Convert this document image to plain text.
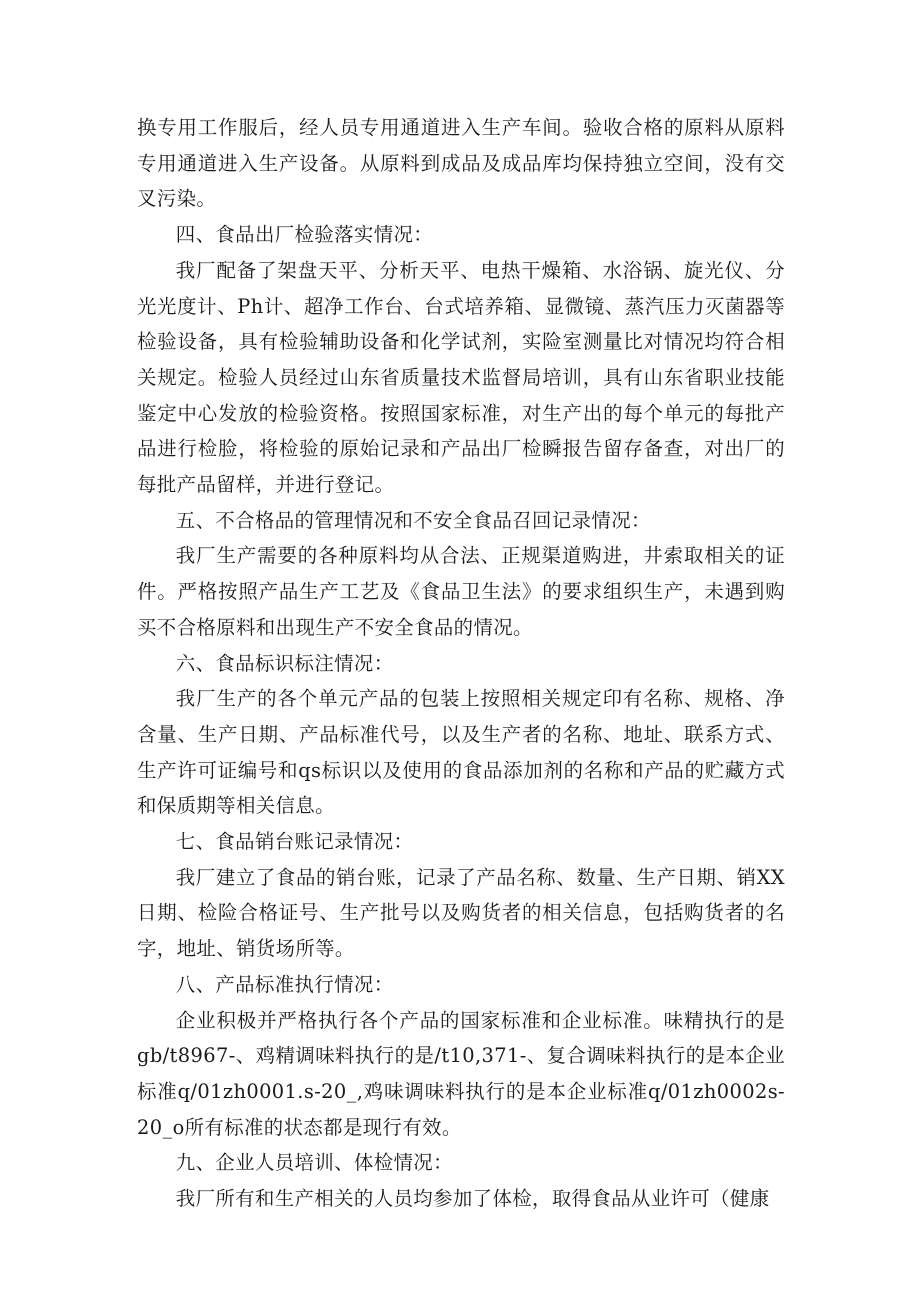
换专用工作服后，经人员专用通道进入生产车间。验收合格的原料从原料专用通道进入生产设备。从原料到成品及成品库均保持独立空间，没有交叉污染。

四、食品出厂检验落实情况：

我厂配备了架盘天平、分析天平、电热干燥箱、水浴锅、旋光仪、分光光度计、Ph计、超净工作台、台式培养箱、显微镜、蒸汽压力灭菌器等检验设备，具有检验辅助设备和化学试剂，实险室测量比对情况均符合相关规定。检验人员经过山东省质量技术监督局培训，具有山东省职业技能鉴定中心发放的检验资格。按照国家标准，对生产出的每个单元的每批产品进行检脸，将检验的原始记录和产品出厂检瞬报告留存备查，对出厂的每批产品留样，并进行登记。

五、不合格品的管理情况和不安全食品召回记录情况：

我厂生产需要的各种原料均从合法、正规渠道购进，井索取相关的证件。严格按照产品生产工艺及《食品卫生法》的要求组织生产，未遇到购买不合格原料和出现生产不安全食品的情况。

六、食品标识标注情况：

我厂生产的各个单元产品的包装上按照相关规定印有名称、规格、净含量、生产日期、产品标准代号，以及生产者的名称、地址、联系方式、生产许可证编号和qs标识以及使用的食品添加剂的名称和产品的贮藏方式和保质期等相关信息。

七、食品销台账记录情况：

我厂建立了食品的销台账，记录了产品名称、数量、生产日期、销XX日期、检险合格证号、生产批号以及购货者的相关信息，包括购货者的名字，地址、销货场所等。

八、产品标准执行情况：

企业积极并严格执行各个产品的国家标准和企业标准。味精执行的是gb/t8967-、鸡精调味料执行的是/t10,371-、复合调味料执行的是本企业标准q/01zh0001.s-20_,鸡味调味料执行的是本企业标准q/01zh0002s-20_o所有标准的状态都是现行有效。

九、企业人员培训、体检情况：

我厂所有和生产相关的人员均参加了体检，取得食品从业许可（健康
